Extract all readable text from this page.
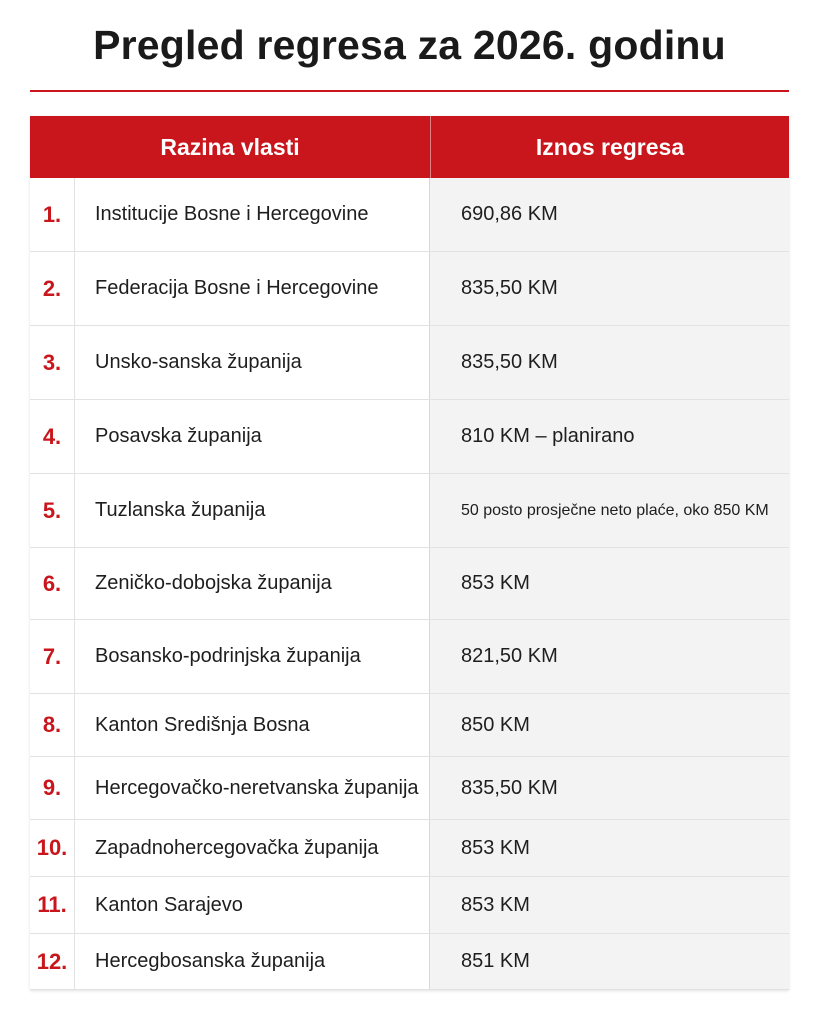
Pregled regresa za 2026. godinu
Razina vlasti	Iznos regresa
1.	Institucije Bosne i Hercegovine	690,86 KM
2.	Federacija Bosne i Hercegovine	835,50 KM
3.	Unsko-sanska županija	835,50 KM
4.	Posavska županija	810 KM – planirano
5.	Tuzlanska županija	50 posto prosječne neto plaće, oko 850 KM
6.	Zeničko-dobojska županija	853 KM
7.	Bosansko-podrinjska županija	821,50 KM
8.	Kanton Središnja Bosna	850 KM
9.	Hercegovačko-neretvanska županija	835,50 KM
10.	Zapadnohercegovačka županija	853 KM
11.	Kanton Sarajevo	853 KM
12.	Hercegbosanska županija	851 KM
